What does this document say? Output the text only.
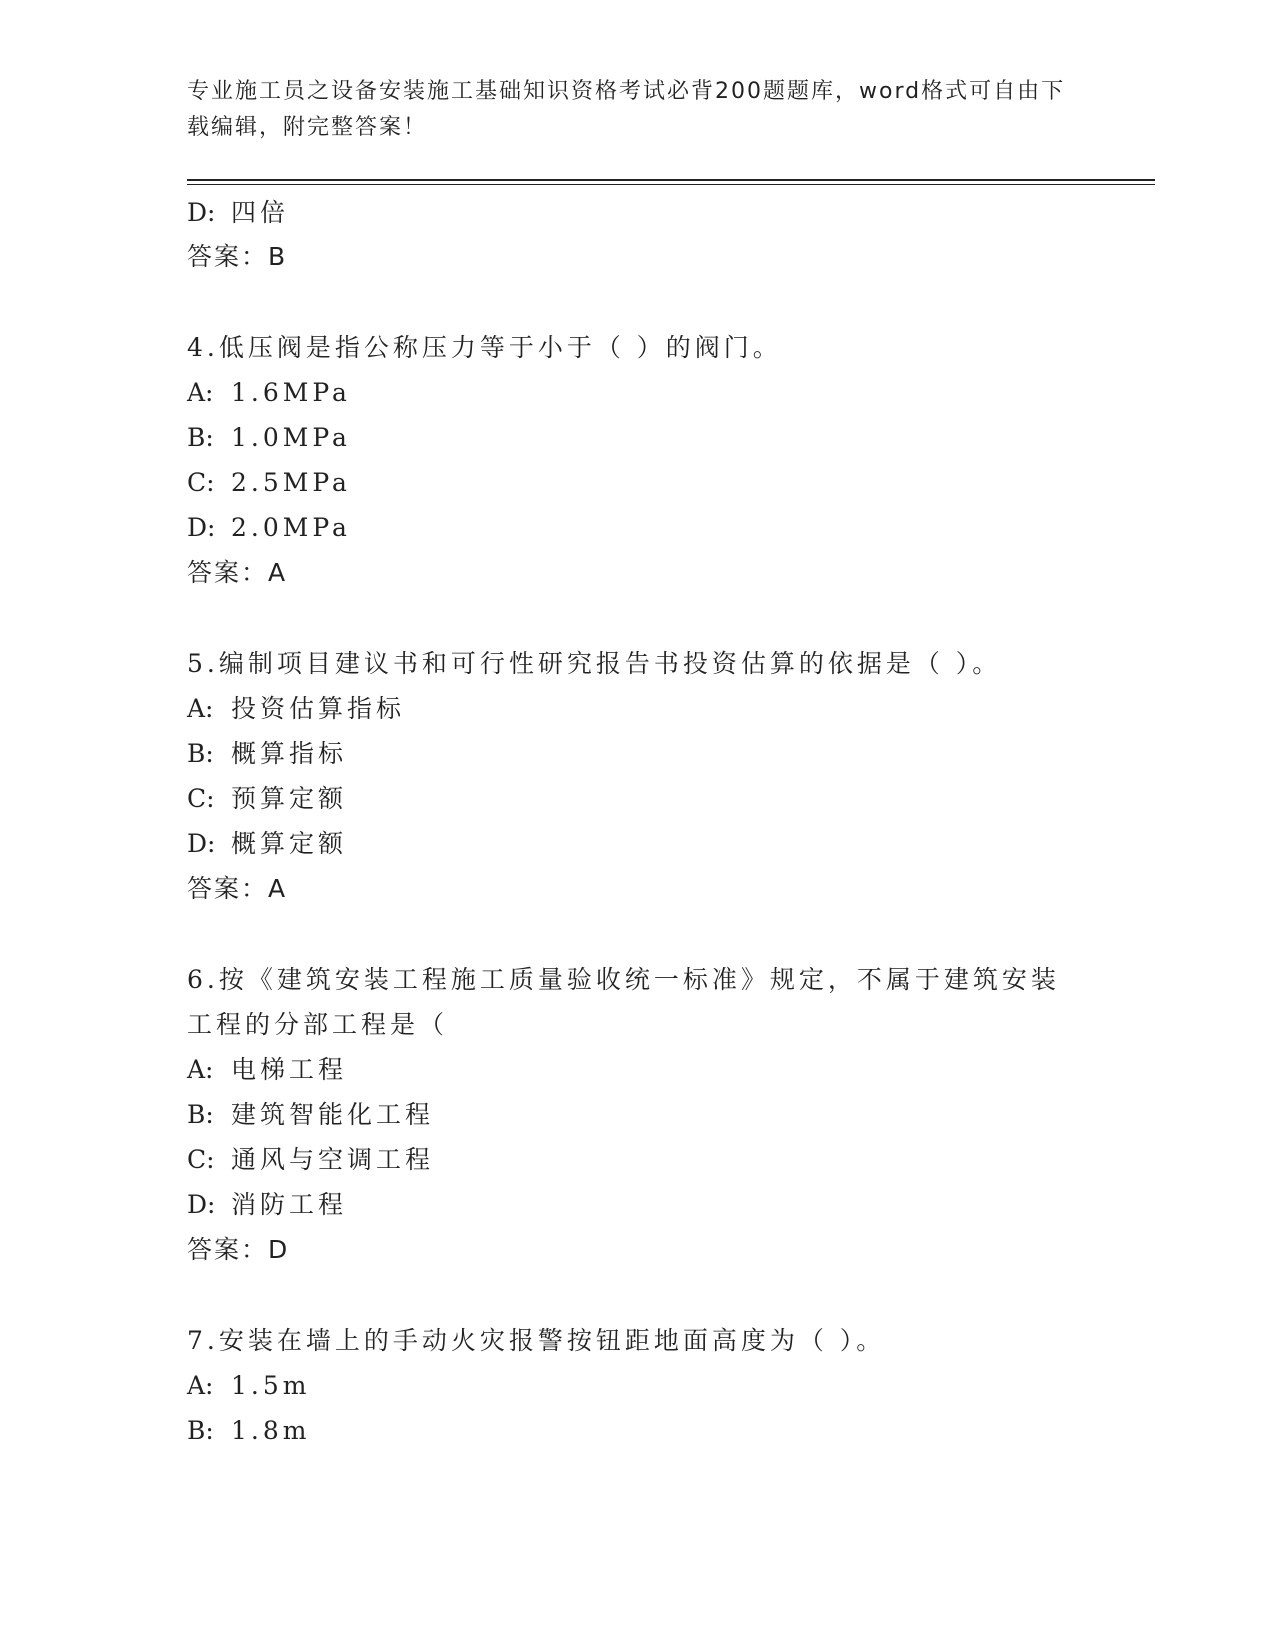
专业施工员之设备安装施工基础知识资格考试必背200题题库，word格式可自由下载编辑，附完整答案！
D: 四倍
答案：B
4.低压阀是指公称压力等于小于（ ）的阀门。
A: 1.6MPa
B: 1.0MPa
C: 2.5MPa
D: 2.0MPa
答案：A
5.编制项目建议书和可行性研究报告书投资估算的依据是（ ）。
A: 投资估算指标
B: 概算指标
C: 预算定额
D: 概算定额
答案：A
6.按《建筑安装工程施工质量验收统一标准》规定，不属于建筑安装
工程的分部工程是（
A: 电梯工程
B: 建筑智能化工程
C: 通风与空调工程
D: 消防工程
答案：D
7.安装在墙上的手动火灾报警按钮距地面高度为（ ）。
A: 1.5m
B: 1.8m
